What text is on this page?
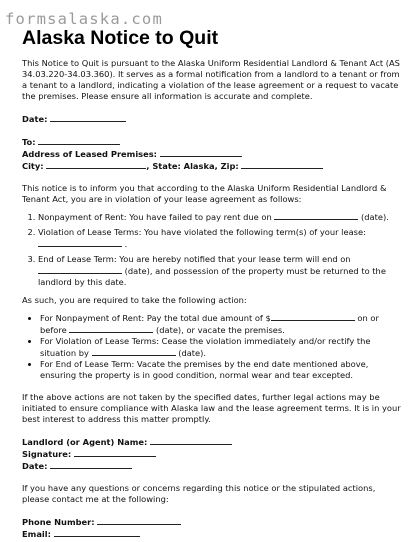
formsalaska.com
Alaska Notice to Quit

This Notice to Quit is pursuant to the Alaska Uniform Residential Landlord & Tenant Act (AS 34.03.220-34.03.360). It serves as a formal notification from a landlord to a tenant or from a tenant to a landlord, indicating a violation of the lease agreement or a request to vacate the premises. Please ensure all information is accurate and complete.

Date:

To:

Address of Leased Premises:

City:	, State: Alaska, Zip:

This notice is to inform you that according to the Alaska Uniform Residential Landlord & Tenant Act, you are in violation of your lease agreement as follows:

1. Nonpayment of Rent: You have failed to pay rent due on	(date).
2. Violation of Lease Terms: You have violated the following term(s) of your lease:  .
3. End of Lease Term: You are hereby notified that your lease term will end on  (date), and possession of the property must be returned to the landlord by this date.

As such, you are required to take the following action:

• For Nonpayment of Rent: Pay the total due amount of $	on or before	(date), or vacate the premises.
• For Violation of Lease Terms: Cease the violation immediately and/or rectify the situation by	(date).
• For End of Lease Term: Vacate the premises by the end date mentioned above, ensuring the property is in good condition, normal wear and tear excepted.

If the above actions are not taken by the specified dates, further legal actions may be initiated to ensure compliance with Alaska law and the lease agreement terms. It is in your best interest to address this matter promptly.

Landlord (or Agent) Name:

Signature:

Date:

If you have any questions or concerns regarding this notice or the stipulated actions, please contact me at the following:

Phone Number:

Email:
